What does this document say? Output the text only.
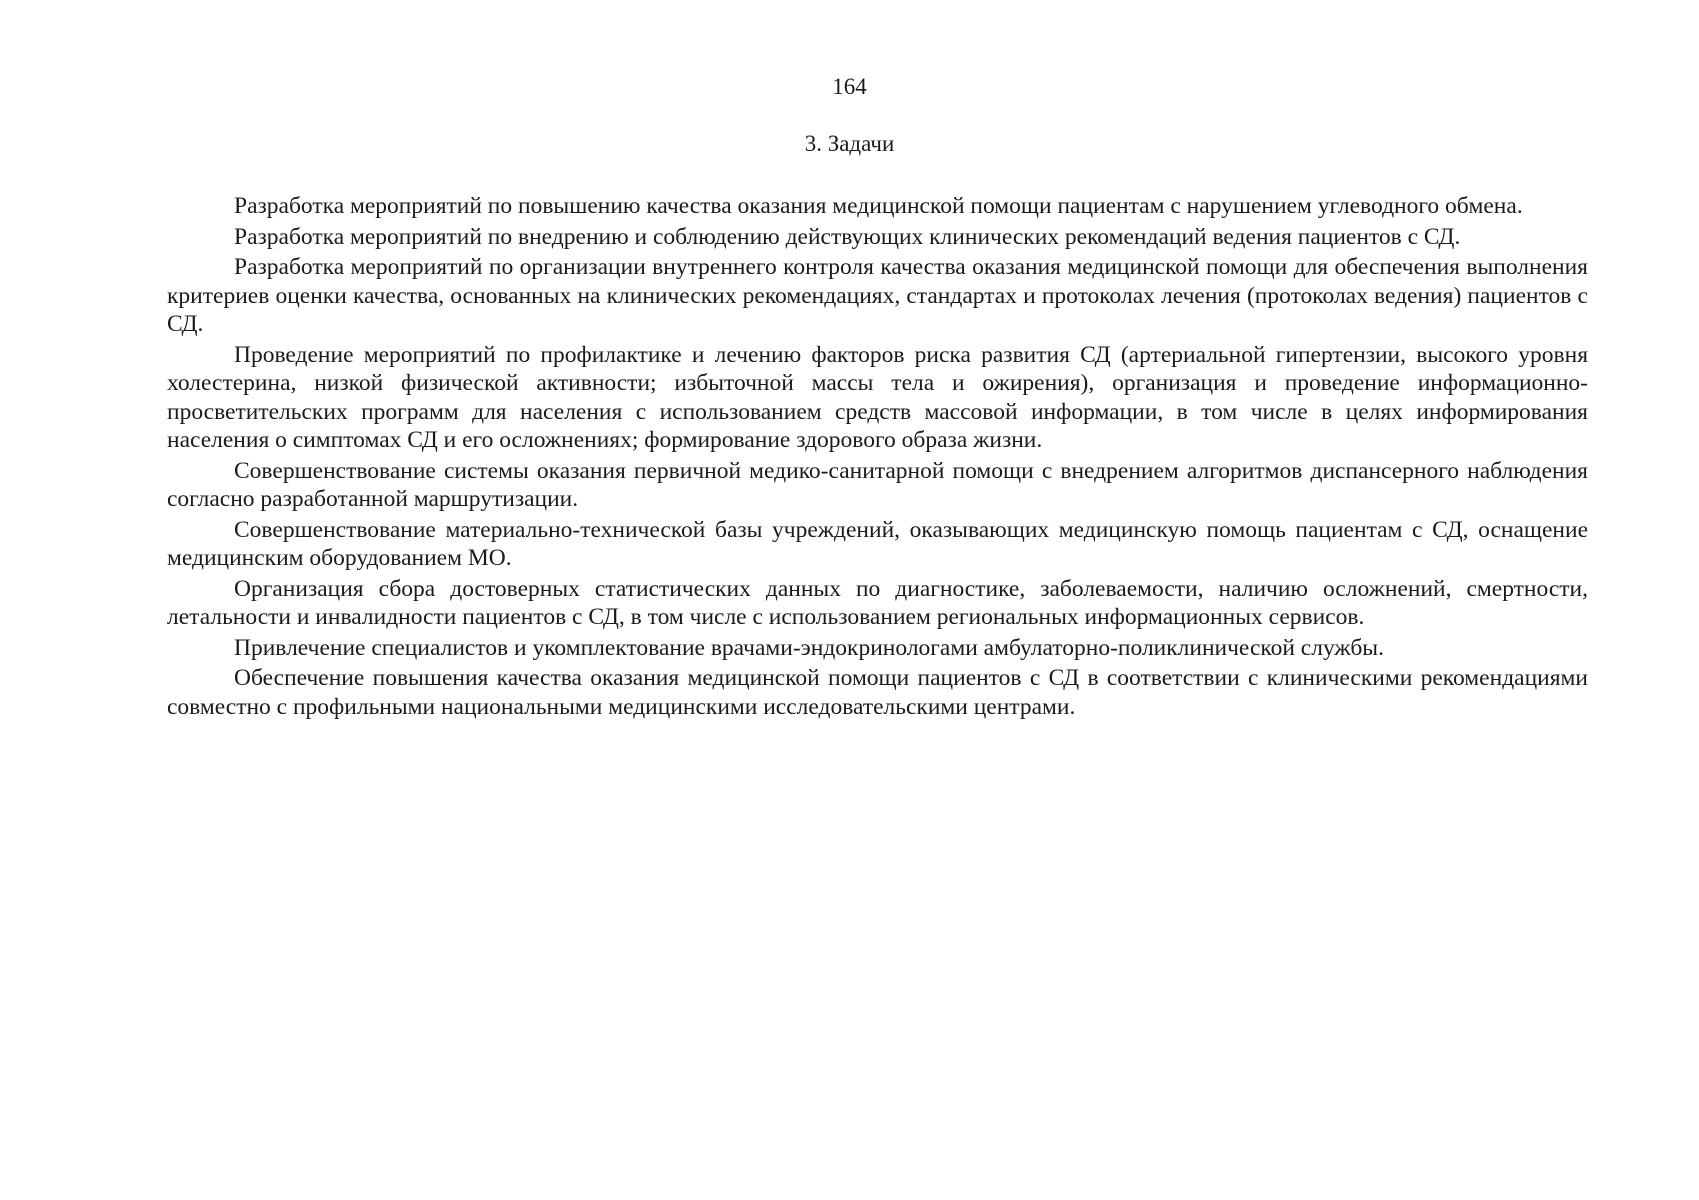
164
3. Задачи

Разработка мероприятий по повышению качества оказания медицинской помощи пациентам с нарушением углеводного обмена.

Разработка мероприятий по внедрению и соблюдению действующих клинических рекомендаций ведения пациентов с СД.

Разработка мероприятий по организации внутреннего контроля качества оказания медицинской помощи для обеспечения выполнения критериев оценки качества, основанных на клинических рекомендациях, стандартах и протоколах лечения (протоколах ведения) пациентов с СД.

Проведение мероприятий по профилактике и лечению факторов риска развития СД (артериальной гипертензии, высокого уровня холестерина, низкой физической активности; избыточной массы тела и ожирения), организация и проведение информационно-просветительских программ для населения с использованием средств массовой информации, в том числе в целях информирования населения о симптомах СД и его осложнениях; формирование здорового образа жизни.

Совершенствование системы оказания первичной медико-санитарной помощи с внедрением алгоритмов диспансерного наблюдения согласно разработанной маршрутизации.

Совершенствование материально-технической базы учреждений, оказывающих медицинскую помощь пациентам с СД, оснащение медицинским оборудованием МО.

Организация сбора достоверных статистических данных по диагностике, заболеваемости, наличию осложнений, смертности, летальности и инвалидности пациентов с СД, в том числе с использованием региональных информационных сервисов.

Привлечение специалистов и укомплектование врачами-эндокринологами амбулаторно-поликлинической службы.

Обеспечение повышения качества оказания медицинской помощи пациентов с СД в соответствии с клиническими рекомендациями совместно с профильными национальными медицинскими исследовательскими центрами.
